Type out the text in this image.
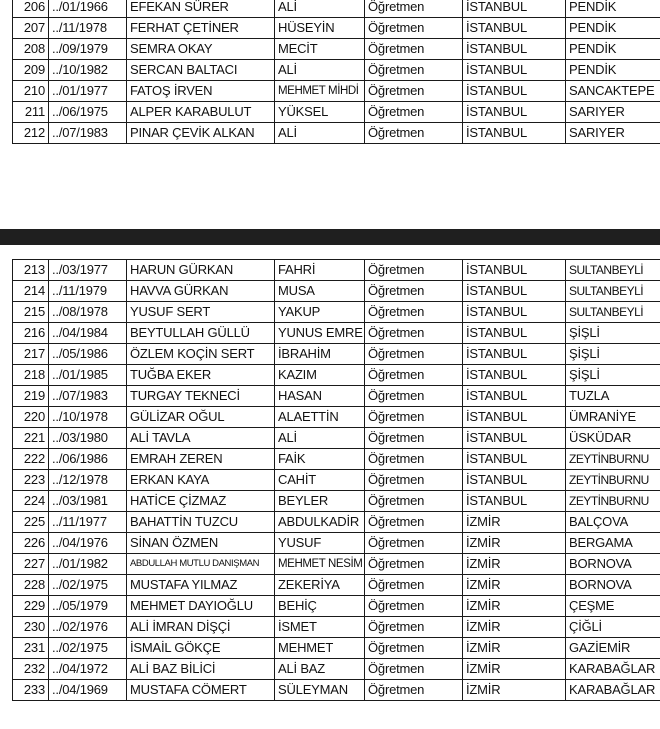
206	../01/1966	EFEKAN SÜRER	ALİ	Öğretmen	İSTANBUL	PENDİK
207	../11/1978	FERHAT ÇETİNER	HÜSEYİN	Öğretmen	İSTANBUL	PENDİK
208	../09/1979	SEMRA OKAY	MECİT	Öğretmen	İSTANBUL	PENDİK
209	../10/1982	SERCAN BALTACI	ALİ	Öğretmen	İSTANBUL	PENDİK
210	../01/1977	FATOŞ İRVEN	MEHMET MİHDİ	Öğretmen	İSTANBUL	SANCAKTEPE
211	../06/1975	ALPER KARABULUT	YÜKSEL	Öğretmen	İSTANBUL	SARIYER
212	../07/1983	PINAR ÇEVİK ALKAN	ALİ	Öğretmen	İSTANBUL	SARIYER
213	../03/1977	HARUN GÜRKAN	FAHRİ	Öğretmen	İSTANBUL	SULTANBEYLİ
214	../11/1979	HAVVA GÜRKAN	MUSA	Öğretmen	İSTANBUL	SULTANBEYLİ
215	../08/1978	YUSUF SERT	YAKUP	Öğretmen	İSTANBUL	SULTANBEYLİ
216	../04/1984	BEYTULLAH GÜLLÜ	YUNUS EMRE	Öğretmen	İSTANBUL	ŞİŞLİ
217	../05/1986	ÖZLEM KOÇİN SERT	İBRAHİM	Öğretmen	İSTANBUL	ŞİŞLİ
218	../01/1985	TUĞBA EKER	KAZIM	Öğretmen	İSTANBUL	ŞİŞLİ
219	../07/1983	TURGAY TEKNECİ	HASAN	Öğretmen	İSTANBUL	TUZLA
220	../10/1978	GÜLİZAR OĞUL	ALAETTİN	Öğretmen	İSTANBUL	ÜMRANİYE
221	../03/1980	ALİ TAVLA	ALİ	Öğretmen	İSTANBUL	ÜSKÜDAR
222	../06/1986	EMRAH ZEREN	FAİK	Öğretmen	İSTANBUL	ZEYTİNBURNU
223	../12/1978	ERKAN KAYA	CAHİT	Öğretmen	İSTANBUL	ZEYTİNBURNU
224	../03/1981	HATİCE ÇİZMAZ	BEYLER	Öğretmen	İSTANBUL	ZEYTİNBURNU
225	../11/1977	BAHATTİN TUZCU	ABDULKADİR	Öğretmen	İZMİR	BALÇOVA
226	../04/1976	SİNAN ÖZMEN	YUSUF	Öğretmen	İZMİR	BERGAMA
227	../01/1982	ABDULLAH MUTLU DANIŞMAN	MEHMET NESİM	Öğretmen	İZMİR	BORNOVA
228	../02/1975	MUSTAFA YILMAZ	ZEKERİYA	Öğretmen	İZMİR	BORNOVA
229	../05/1979	MEHMET DAYIOĞLU	BEHİÇ	Öğretmen	İZMİR	ÇEŞME
230	../02/1976	ALİ İMRAN DİŞÇİ	İSMET	Öğretmen	İZMİR	ÇİĞLİ
231	../02/1975	İSMAİL GÖKÇE	MEHMET	Öğretmen	İZMİR	GAZİEMİR
232	../04/1972	ALİ BAZ BİLİCİ	ALİ BAZ	Öğretmen	İZMİR	KARABAĞLAR
233	../04/1969	MUSTAFA CÖMERT	SÜLEYMAN	Öğretmen	İZMİR	KARABAĞLAR
